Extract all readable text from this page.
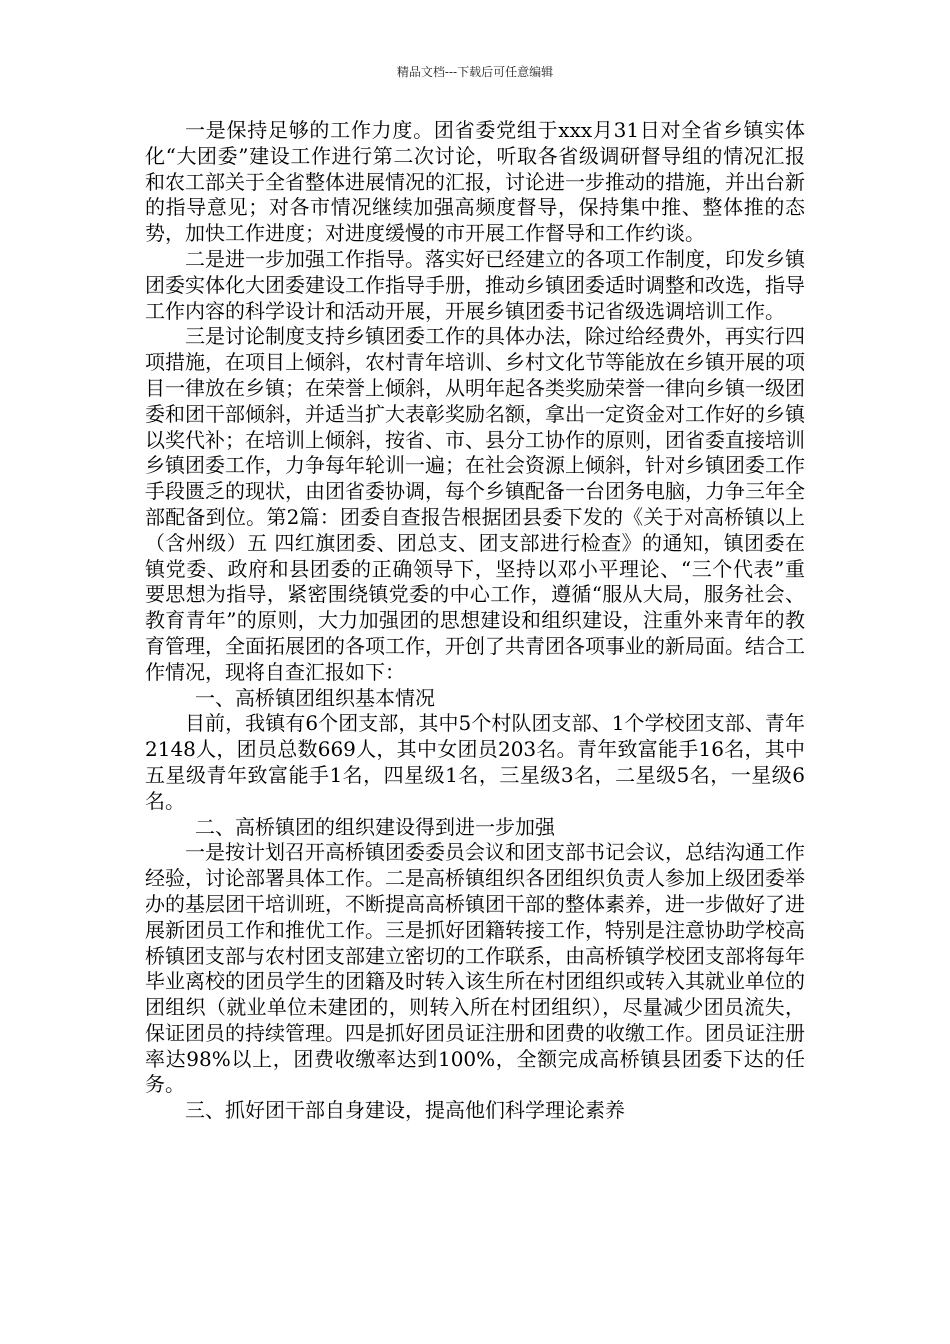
精品文档---下载后可任意编辑

一是保持足够的工作力度。团省委党组于xxx月31日对全省乡镇实体化“大团委”建设工作进行第二次讨论，听取各省级调研督导组的情况汇报和农工部关于全省整体进展情况的汇报，讨论进一步推动的措施，并出台新的指导意见；对各市情况继续加强高频度督导，保持集中推、整体推的态势，加快工作进度；对进度缓慢的市开展工作督导和工作约谈。

二是进一步加强工作指导。落实好已经建立的各项工作制度，印发乡镇团委实体化大团委建设工作指导手册，推动乡镇团委适时调整和改选，指导工作内容的科学设计和活动开展，开展乡镇团委书记省级选调培训工作。

三是讨论制度支持乡镇团委工作的具体办法，除过给经费外，再实行四项措施，在项目上倾斜，农村青年培训、乡村文化节等能放在乡镇开展的项目一律放在乡镇；在荣誉上倾斜，从明年起各类奖励荣誉一律向乡镇一级团委和团干部倾斜，并适当扩大表彰奖励名额，拿出一定资金对工作好的乡镇以奖代补；在培训上倾斜，按省、市、县分工协作的原则，团省委直接培训乡镇团委工作，力争每年轮训一遍；在社会资源上倾斜，针对乡镇团委工作手段匮乏的现状，由团省委协调，每个乡镇配备一台团务电脑，力争三年全部配备到位。第2篇：团委自查报告根据团县委下发的《关于对高桥镇以上（含州级）五 四红旗团委、团总支、团支部进行检查》的通知，镇团委在镇党委、政府和县团委的正确领导下，坚持以邓小平理论、“三个代表”重要思想为指导，紧密围绕镇党委的中心工作，遵循“服从大局，服务社会、教育青年”的原则，大力加强团的思想建设和组织建设，注重外来青年的教育管理，全面拓展团的各项工作，开创了共青团各项事业的新局面。结合工作情况，现将自查汇报如下：

一、高桥镇团组织基本情况

目前，我镇有6个团支部，其中5个村队团支部、1个学校团支部、青年2148人，团员总数669人，其中女团员203名。青年致富能手16名，其中五星级青年致富能手1名，四星级1名，三星级3名，二星级5名，一星级6名。

二、高桥镇团的组织建设得到进一步加强

一是按计划召开高桥镇团委委员会议和团支部书记会议，总结沟通工作经验，讨论部署具体工作。二是高桥镇组织各团组织负责人参加上级团委举办的基层团干培训班，不断提高高桥镇团干部的整体素养，进一步做好了进展新团员工作和推优工作。三是抓好团籍转接工作，特别是注意协助学校高桥镇团支部与农村团支部建立密切的工作联系，由高桥镇学校团支部将每年毕业离校的团员学生的团籍及时转入该生所在村团组织或转入其就业单位的团组织（就业单位未建团的，则转入所在村团组织），尽量减少团员流失，保证团员的持续管理。四是抓好团员证注册和团费的收缴工作。团员证注册率达98%以上，团费收缴率达到100%，全额完成高桥镇县团委下达的任务。

三、抓好团干部自身建设，提高他们科学理论素养
